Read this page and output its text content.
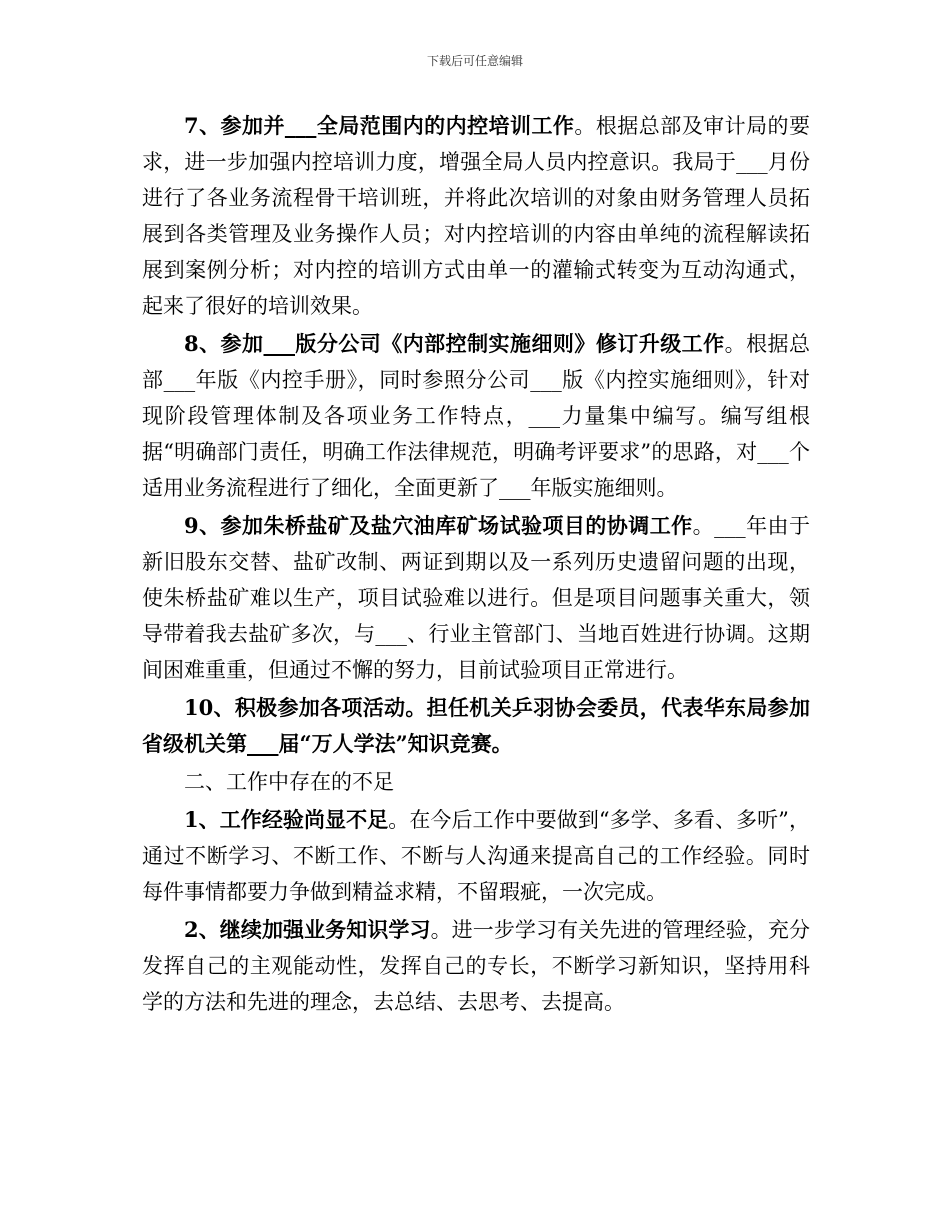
下载后可任意编辑

7、参加并___全局范围内的内控培训工作。根据总部及审计局的要求，进一步加强内控培训力度，增强全局人员内控意识。我局于___月份进行了各业务流程骨干培训班，并将此次培训的对象由财务管理人员拓展到各类管理及业务操作人员；对内控培训的内容由单纯的流程解读拓展到案例分析；对内控的培训方式由单一的灌输式转变为互动沟通式，起来了很好的培训效果。

8、参加___版分公司《内部控制实施细则》修订升级工作。根据总部___年版《内控手册》，同时参照分公司___版《内控实施细则》，针对现阶段管理体制及各项业务工作特点，___力量集中编写。编写组根据“明确部门责任，明确工作法律规范，明确考评要求”的思路，对___个适用业务流程进行了细化，全面更新了___年版实施细则。

9、参加朱桥盐矿及盐穴油库矿场试验项目的协调工作。___年由于新旧股东交替、盐矿改制、两证到期以及一系列历史遗留问题的出现，使朱桥盐矿难以生产，项目试验难以进行。但是项目问题事关重大，领导带着我去盐矿多次，与___、行业主管部门、当地百姓进行协调。这期间困难重重，但通过不懈的努力，目前试验项目正常进行。

10、积极参加各项活动。担任机关乒羽协会委员，代表华东局参加省级机关第___届“万人学法”知识竞赛。

二、工作中存在的不足

1、工作经验尚显不足。在今后工作中要做到“多学、多看、多听”，通过不断学习、不断工作、不断与人沟通来提高自己的工作经验。同时每件事情都要力争做到精益求精，不留瑕疵，一次完成。

2、继续加强业务知识学习。进一步学习有关先进的管理经验，充分发挥自己的主观能动性，发挥自己的专长，不断学习新知识，坚持用科学的方法和先进的理念，去总结、去思考、去提高。
